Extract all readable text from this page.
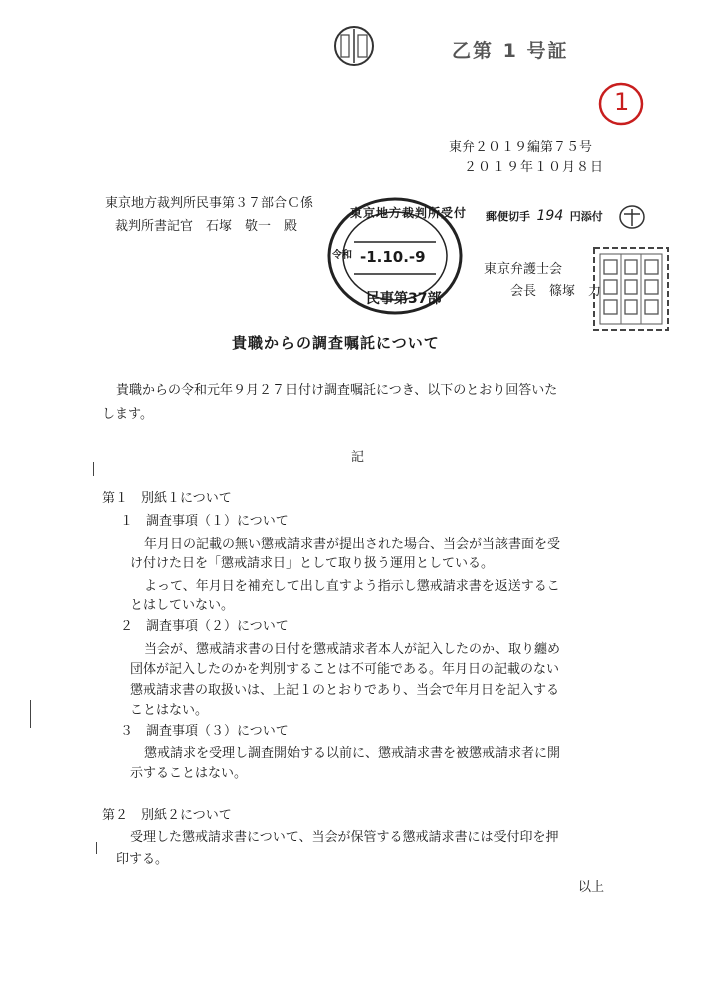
乙第 1 号証
1
東弁２０１９編第７５号
２０１９年１０月８日
東京地方裁判所民事第３７部合Ｃ係
裁判所書記官　石塚　敬一　殿
東京地方裁判所受付
令和 -1.10.-9
民事第37部
郵便切手 194 円添付
東京弁護士会
会長　篠塚　力
貴職からの調査嘱託について
貴職からの令和元年９月２７日付け調査嘱託につき、以下のとおり回答いた
します。
記
第１　別紙１について
１　調査事項（１）について
年月日の記載の無い懲戒請求書が提出された場合、当会が当該書面を受
け付けた日を「懲戒請求日」として取り扱う運用としている。
よって、年月日を補充して出し直すよう指示し懲戒請求書を返送するこ
とはしていない。
２　調査事項（２）について
当会が、懲戒請求書の日付を懲戒請求者本人が記入したのか、取り纏め
団体が記入したのかを判別することは不可能である。年月日の記載のない
懲戒請求書の取扱いは、上記１のとおりであり、当会で年月日を記入する
ことはない。
３　調査事項（３）について
懲戒請求を受理し調査開始する以前に、懲戒請求書を被懲戒請求者に開
示することはない。
第２　別紙２について
受理した懲戒請求書について、当会が保管する懲戒請求書には受付印を押
印する。
以上
